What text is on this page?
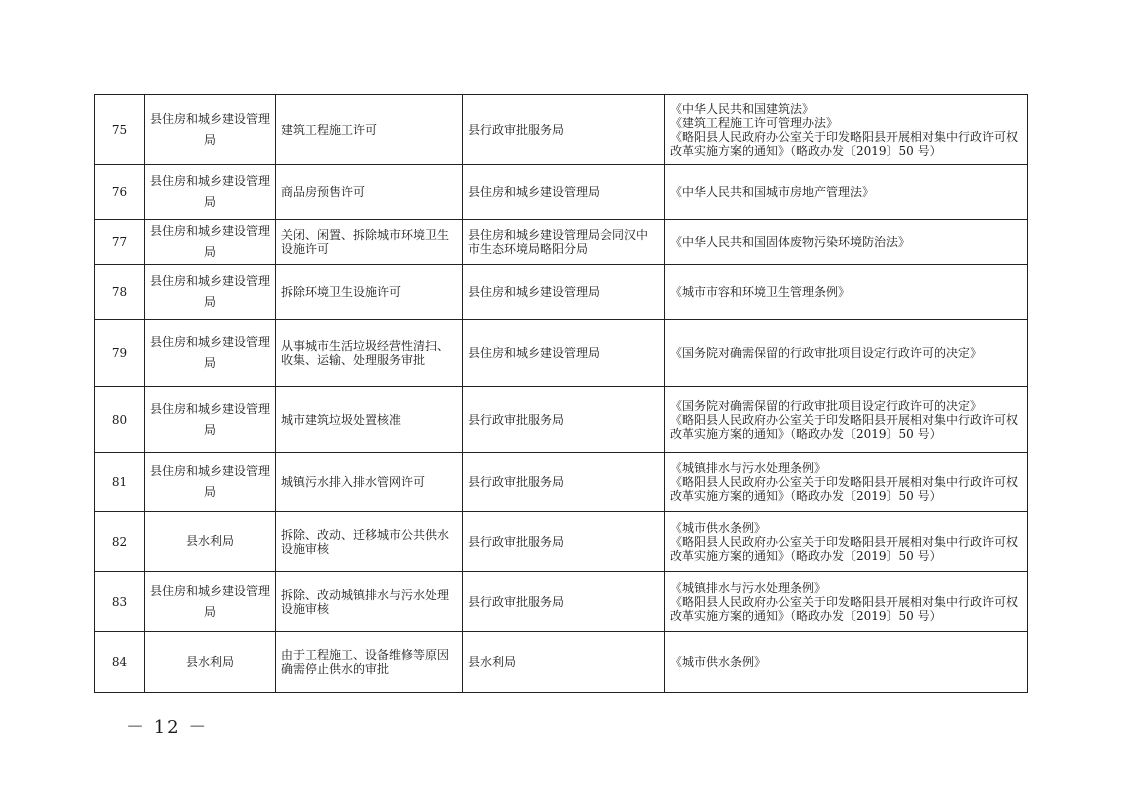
75	县住房和城乡建设管理局	建筑工程施工许可	县行政审批服务局	《中华人民共和国建筑法》
《建筑工程施工许可管理办法》
《略阳县人民政府办公室关于印发略阳县开展相对集中行政许可权改革实施方案的通知》（略政办发〔2019〕50 号）
76	县住房和城乡建设管理局	商品房预售许可	县住房和城乡建设管理局	《中华人民共和国城市房地产管理法》
77	县住房和城乡建设管理局	关闭、闲置、拆除城市环境卫生设施许可	县住房和城乡建设管理局会同汉中市生态环境局略阳分局	《中华人民共和国固体废物污染环境防治法》
78	县住房和城乡建设管理局	拆除环境卫生设施许可	县住房和城乡建设管理局	《城市市容和环境卫生管理条例》
79	县住房和城乡建设管理局	从事城市生活垃圾经营性清扫、收集、运输、处理服务审批	县住房和城乡建设管理局	《国务院对确需保留的行政审批项目设定行政许可的决定》
80	县住房和城乡建设管理局	城市建筑垃圾处置核准	县行政审批服务局	《国务院对确需保留的行政审批项目设定行政许可的决定》
《略阳县人民政府办公室关于印发略阳县开展相对集中行政许可权改革实施方案的通知》（略政办发〔2019〕50 号）
81	县住房和城乡建设管理局	城镇污水排入排水管网许可	县行政审批服务局	《城镇排水与污水处理条例》
《略阳县人民政府办公室关于印发略阳县开展相对集中行政许可权改革实施方案的通知》（略政办发〔2019〕50 号）
82	县水利局	拆除、改动、迁移城市公共供水设施审核	县行政审批服务局	《城市供水条例》
《略阳县人民政府办公室关于印发略阳县开展相对集中行政许可权改革实施方案的通知》（略政办发〔2019〕50 号）
83	县住房和城乡建设管理局	拆除、改动城镇排水与污水处理设施审核	县行政审批服务局	《城镇排水与污水处理条例》
《略阳县人民政府办公室关于印发略阳县开展相对集中行政许可权改革实施方案的通知》（略政办发〔2019〕50 号）
84	县水利局	由于工程施工、设备维修等原因确需停止供水的审批	县水利局	《城市供水条例》
－ 12 －
